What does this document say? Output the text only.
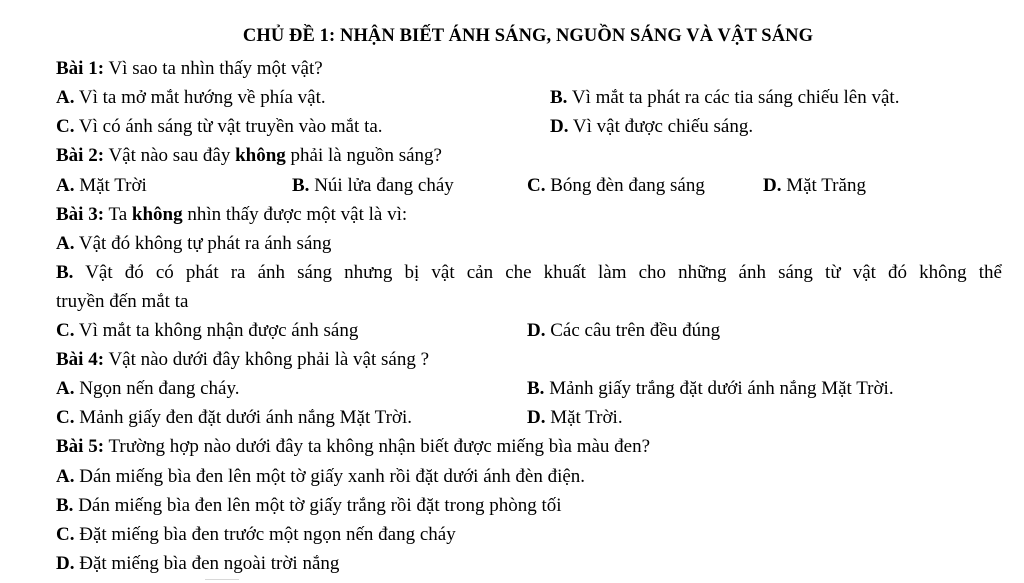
CHỦ ĐỀ 1: NHẬN BIẾT ÁNH SÁNG, NGUỒN SÁNG VÀ VẬT SÁNG
Bài 1: Vì sao ta nhìn thấy một vật?
A. Vì ta mở mắt hướng về phía vật.	B. Vì mắt ta phát ra các tia sáng chiếu lên vật.
C. Vì có ánh sáng từ vật truyền vào mắt ta.	D. Vì vật được chiếu sáng.
Bài 2: Vật nào sau đây không phải là nguồn sáng?
A. Mặt Trời	B. Núi lửa đang cháy	C. Bóng đèn đang sáng	D. Mặt Trăng
Bài 3: Ta không nhìn thấy được một vật là vì:
A. Vật đó không tự phát ra ánh sáng
B. Vật đó có phát ra ánh sáng nhưng bị vật cản che khuất làm cho những ánh sáng từ vật đó không thể
truyền đến mắt ta
C. Vì mắt ta không nhận được ánh sáng	D. Các câu trên đều đúng
Bài 4: Vật nào dưới đây không phải là vật sáng ?
A. Ngọn nến đang cháy.	B. Mảnh giấy trắng đặt dưới ánh nắng Mặt Trời.
C. Mảnh giấy đen đặt dưới ánh nắng Mặt Trời.	D. Mặt Trời.
Bài 5: Trường hợp nào dưới đây ta không nhận biết được miếng bìa màu đen?
A. Dán miếng bìa đen lên một tờ giấy xanh rồi đặt dưới ánh đèn điện.
B. Dán miếng bìa đen lên một tờ giấy trắng rồi đặt trong phòng tối
C. Đặt miếng bìa đen trước một ngọn nến đang cháy
D. Đặt miếng bìa đen ngoài trời nắng
